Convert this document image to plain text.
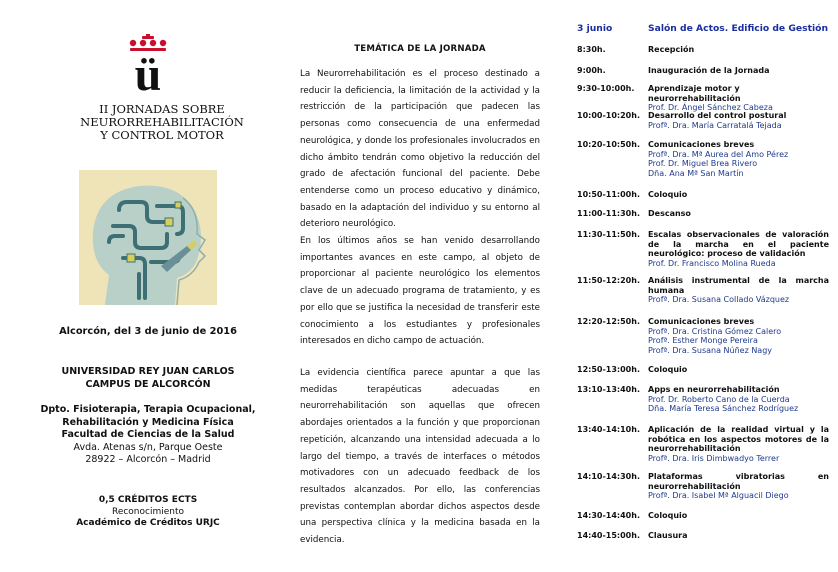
ü
II JORNADAS SOBRE
NEURORREHABILITACIÓN
Y CONTROL MOTOR
Alcorcón, del 3 de junio de 2016
UNIVERSIDAD REY JUAN CARLOS
CAMPUS DE ALCORCÓN
Dpto. Fisioterapia, Terapia Ocupacional,
Rehabilitación y Medicina Física
Facultad de Ciencias de la Salud
Avda. Atenas s/n, Parque Oeste
28922 – Alcorcón – Madrid
0,5 CRÉDITOS ECTS
Reconocimiento
Académico de Créditos URJC
TEMÁTICA DE LA JORNADA

La Neurorrehabilitación es el proceso destinado a reducir la deficiencia, la limitación de la actividad y la restricción de la participación que padecen las personas como consecuencia de una enfermedad neurológica, y donde los profesionales involucrados en dicho ámbito tendrán como objetivo la reducción del grado de afectación funcional del paciente. Debe entenderse como un proceso educativo y dinámico, basado en la adaptación del individuo y su entorno al deterioro neurológico.

En los últimos años se han venido desarrollando importantes avances en este campo, al objeto de proporcionar al paciente neurológico los elementos clave de un adecuado programa de tratamiento, y es por ello que se justifica la necesidad de transferir este conocimiento a los estudiantes y profesionales interesados en dicho campo de actuación.

La evidencia científica parece apuntar a que las medidas terapéuticas adecuadas en neurorrehabilitación son aquellas que ofrecen abordajes orientados a la función y que proporcionan repetición, alcanzando una intensidad adecuada a lo largo del tiempo, a través de interfaces o métodos motivadores con un adecuado feedback de los resultados alcanzados. Por ello, las conferencias previstas contemplan abordar dichos aspectos desde una perspectiva clínica y la medicina basada en la evidencia.

3 junio	Salón de Actos. Edificio de Gestión
8:30h.	Recepción
9:00h.	Inauguración de la Jornada
9:30-10:00h. Aprendizaje motor y neurorrehabilitación
Prof. Dr. Ángel Sánchez Cabeza
10:00-10:20h. Desarrollo del control postural
Profª. Dra. María Carratalá Tejada
10:20-10:50h. Comunicaciones breves
Profª. Dra. Mª Aurea del Amo Pérez
Prof. Dr. Miguel Brea Rivero
Dña. Ana Mª San Martín
10:50-11:00h. Coloquio
11:00-11:30h. Descanso
11:30-11:50h. Escalas observacionales de valoración de la marcha en el paciente neurológico: proceso de validación
Prof. Dr. Francisco Molina Rueda
11:50-12:20h. Análisis instrumental de la marcha humana
Profª. Dra. Susana Collado Vázquez
12:20-12:50h. Comunicaciones breves
Profª. Dra. Cristina Gómez Calero
Profª. Esther Monge Pereira
Profª. Dra. Susana Núñez Nagy
12:50-13:00h. Coloquio
13:10-13:40h. Apps en neurorrehabilitación
Prof. Dr. Roberto Cano de la Cuerda
Dña. María Teresa Sánchez Rodríguez
13:40-14:10h. Aplicación de la realidad virtual y la robótica en los aspectos motores de la neurorrehabilitación
Profª. Dra. Iris Dimbwadyo Terrer
14:10-14:30h. Plataformas vibratorias en neurorrehabilitación
Profª. Dra. Isabel Mª Alguacil Diego
14:30-14:40h. Coloquio
14:40-15:00h. Clausura
